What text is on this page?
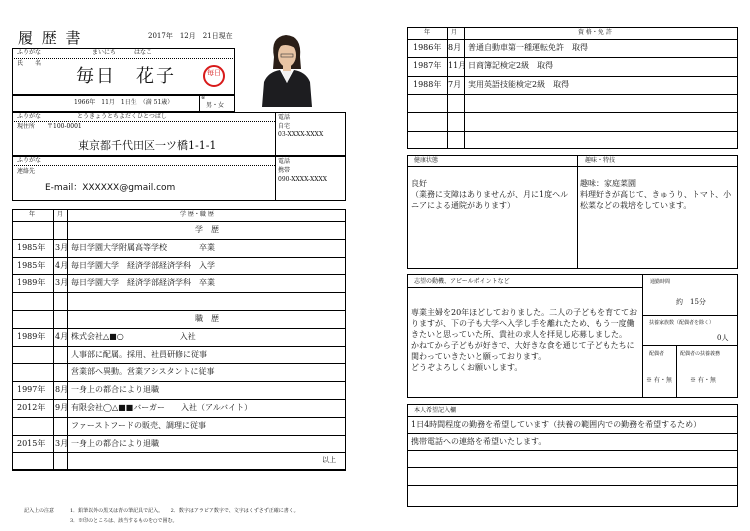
履 歴 書	2017年　12月　21日現在
ふりがな	まいにち　　　はなこ
氏　　名
毎日　花子	毎日
1966年　11月　1日生　（満 51歳）
※
男・女
ふりがな	とうきょうとちよだくひとつばし
現住所 〒100-0001
東京都千代田区一ツ橋1-1-1
電話
自宅
03-XXXX-XXXX
ふりがな
連絡先
E-mail：XXXXXX@gmail.com
電話
携帯
090-XXXX-XXXX
年	月	学 歴・職 歴
学　歴
1985年 3月 毎日学園大学附属高等学校　　　　卒業
1985年 4月 毎日学園大学　経済学部経済学科　入学
1989年 3月 毎日学園大学　経済学部経済学科　卒業
職　歴
1989年 4月 株式会社△■○　　　　　　　入社
人事部に配属。採用、社員研修に従事
営業部へ異動。営業アシスタントに従事
1997年 8月 一身上の都合により退職
2012年 9月 有限会社◯△■■バーガー　　入社（アルバイト）
ファーストフードの販売、調理に従事
2015年 3月 一身上の都合により退職
以上
記入上の注意	1．鉛筆以外の黒又は青の筆記具で記入。　　2．数字はアラビア数字で、文字はくずさず正確に書く。
3．※印のところは、該当するものを○で囲む。
年	月	資 格・免 許
1986年 8月 普通自動車第一種運転免許　取得
1987年 11月 日商簿記検定2級　取得
1988年 7月 実用英語技能検定2級　取得
健康状態	趣味・特技
良好
（業務に支障はありませんが、月に1度ヘルニアによる通院があります）
趣味：家庭菜園
料理好きが高じて、きゅうり、トマト、小松菜などの栽培をしています。
志望の動機、アピールポイントなど
専業主婦を20年ほどしておりました。二人の子どもを育てておりますが、下の子も大学へ入学し手を離れたため、もう一度働きたいと思っていた所、貴社の求人を拝見し応募しました。
かねてから子どもが好きで、大好きな食を通じて子どもたちに関わっていきたいと願っております。
どうぞよろしくお願いします。
通勤時間
約　15分
扶養家族数（配偶者を除く）
0人
配偶者
※ 有・無
配偶者の扶養義務
※ 有・無
本人希望記入欄
1日4時間程度の勤務を希望しています（扶養の範囲内での勤務を希望するため）
携帯電話への連絡を希望いたします。
